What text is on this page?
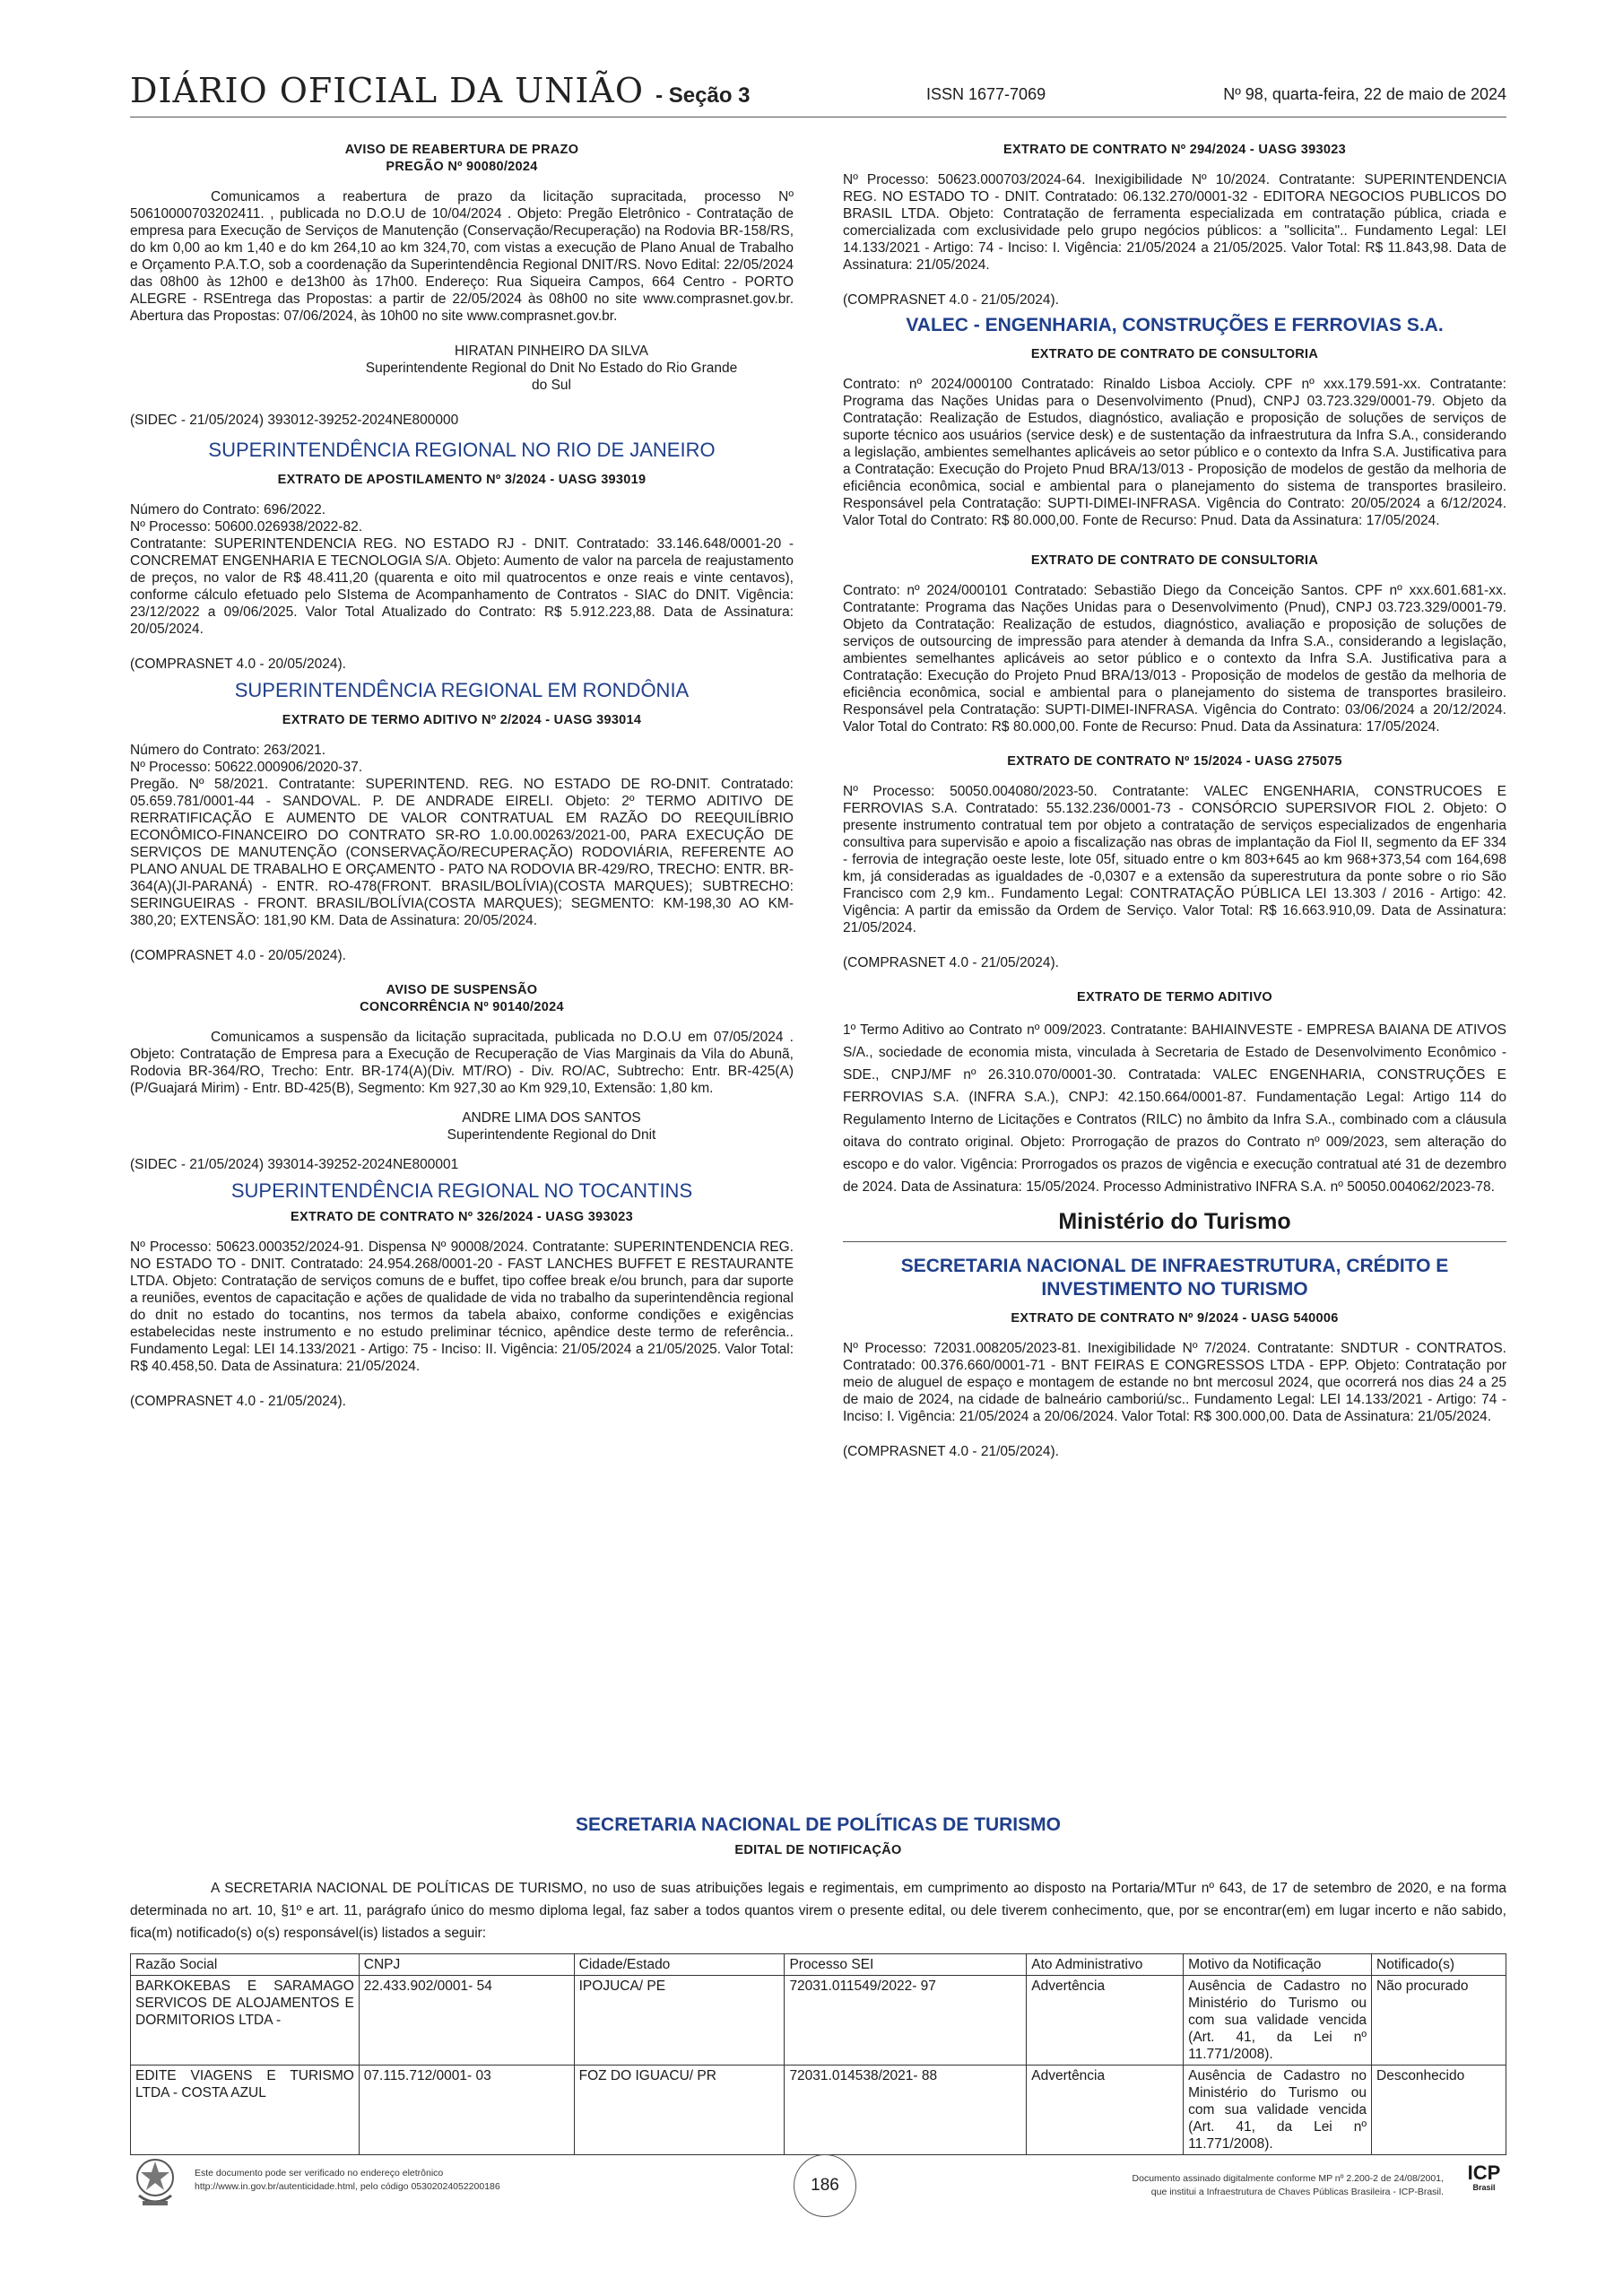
DIÁRIO OFICIAL DA UNIÃO - Seção 3	ISSN 1677-7069	Nº 98, quarta-feira, 22 de maio de 2024

AVISO DE REABERTURA DE PRAZO

PREGÃO Nº 90080/2024

Comunicamos a reabertura de prazo da licitação supracitada, processo Nº 50610000703202411. , publicada no D.O.U de 10/04/2024 . Objeto: Pregão Eletrônico - Contratação de empresa para Execução de Serviços de Manutenção (Conservação/Recuperação) na Rodovia BR-158/RS, do km 0,00 ao km 1,40 e do km 264,10 ao km 324,70, com vistas a execução de Plano Anual de Trabalho e Orçamento P.A.T.O, sob a coordenação da Superintendência Regional DNIT/RS. Novo Edital: 22/05/2024 das 08h00 às 12h00 e de13h00 às 17h00. Endereço: Rua Siqueira Campos, 664 Centro - PORTO ALEGRE - RSEntrega das Propostas: a partir de 22/05/2024 às 08h00 no site www.comprasnet.gov.br. Abertura das Propostas: 07/06/2024, às 10h00 no site www.comprasnet.gov.br.

HIRATAN PINHEIRO DA SILVA

Superintendente Regional do Dnit No Estado do Rio Grande do Sul

(SIDEC - 21/05/2024) 393012-39252-2024NE800000

SUPERINTENDÊNCIA REGIONAL NO RIO DE JANEIRO

EXTRATO DE APOSTILAMENTO Nº 3/2024 - UASG 393019

Número do Contrato: 696/2022.

Nº Processo: 50600.026938/2022-82.

Contratante: SUPERINTENDENCIA REG. NO ESTADO RJ - DNIT. Contratado: 33.146.648/0001-20 - CONCREMAT ENGENHARIA E TECNOLOGIA S/A. Objeto: Aumento de valor na parcela de reajustamento de preços, no valor de R$ 48.411,20 (quarenta e oito mil quatrocentos e onze reais e vinte centavos), conforme cálculo efetuado pelo SIstema de Acompanhamento de Contratos - SIAC do DNIT. Vigência: 23/12/2022 a 09/06/2025. Valor Total Atualizado do Contrato: R$ 5.912.223,88. Data de Assinatura: 20/05/2024.

(COMPRASNET 4.0 - 20/05/2024).

SUPERINTENDÊNCIA REGIONAL EM RONDÔNIA

EXTRATO DE TERMO ADITIVO Nº 2/2024 - UASG 393014

Número do Contrato: 263/2021.

Nº Processo: 50622.000906/2020-37.

Pregão. Nº 58/2021. Contratante: SUPERINTEND. REG. NO ESTADO DE RO-DNIT. Contratado: 05.659.781/0001-44 - SANDOVAL. P. DE ANDRADE EIRELI. Objeto: 2º TERMO ADITIVO DE RERRATIFICAÇÃO E AUMENTO DE VALOR CONTRATUAL EM RAZÃO DO REEQUILÍBRIO ECONÔMICO-FINANCEIRO DO CONTRATO SR-RO 1.0.00.00263/2021-00, PARA EXECUÇÃO DE SERVIÇOS DE MANUTENÇÃO (CONSERVAÇÃO/RECUPERAÇÃO) RODOVIÁRIA, REFERENTE AO PLANO ANUAL DE TRABALHO E ORÇAMENTO - PATO NA RODOVIA BR-429/RO, TRECHO: ENTR. BR-364(A)(JI-PARANÁ) - ENTR. RO-478(FRONT. BRASIL/BOLÍVIA)(COSTA MARQUES); SUBTRECHO: SERINGUEIRAS - FRONT. BRASIL/BOLÍVIA(COSTA MARQUES); SEGMENTO: KM-198,30 AO KM-380,20; EXTENSÃO: 181,90 KM. Data de Assinatura: 20/05/2024.

(COMPRASNET 4.0 - 20/05/2024).

AVISO DE SUSPENSÃO

CONCORRÊNCIA Nº 90140/2024

Comunicamos a suspensão da licitação supracitada, publicada no D.O.U em 07/05/2024 . Objeto: Contratação de Empresa para a Execução de Recuperação de Vias Marginais da Vila do Abunã, Rodovia BR-364/RO, Trecho: Entr. BR-174(A)(Div. MT/RO) - Div. RO/AC, Subtrecho: Entr. BR-425(A)(P/Guajará Mirim) - Entr. BD-425(B), Segmento: Km 927,30 ao Km 929,10, Extensão: 1,80 km.

ANDRE LIMA DOS SANTOS

Superintendente Regional do Dnit

(SIDEC - 21/05/2024) 393014-39252-2024NE800001

SUPERINTENDÊNCIA REGIONAL NO TOCANTINS

EXTRATO DE CONTRATO Nº 326/2024 - UASG 393023

Nº Processo: 50623.000352/2024-91. Dispensa Nº 90008/2024. Contratante: SUPERINTENDENCIA REG. NO ESTADO TO - DNIT. Contratado: 24.954.268/0001-20 - FAST LANCHES BUFFET E RESTAURANTE LTDA. Objeto: Contratação de serviços comuns de e buffet, tipo coffee break e/ou brunch, para dar suporte a reuniões, eventos de capacitação e ações de qualidade de vida no trabalho da superintendência regional do dnit no estado do tocantins, nos termos da tabela abaixo, conforme condições e exigências estabelecidas neste instrumento e no estudo preliminar técnico, apêndice deste termo de referência.. Fundamento Legal: LEI 14.133/2021 - Artigo: 75 - Inciso: II. Vigência: 21/05/2024 a 21/05/2025. Valor Total: R$ 40.458,50. Data de Assinatura: 21/05/2024.

(COMPRASNET 4.0 - 21/05/2024).

EXTRATO DE CONTRATO Nº 294/2024 - UASG 393023

Nº Processo: 50623.000703/2024-64. Inexigibilidade Nº 10/2024. Contratante: SUPERINTENDENCIA REG. NO ESTADO TO - DNIT. Contratado: 06.132.270/0001-32 - EDITORA NEGOCIOS PUBLICOS DO BRASIL LTDA. Objeto: Contratação de ferramenta especializada em contratação pública, criada e comercializada com exclusividade pelo grupo negócios públicos: a "sollicita".. Fundamento Legal: LEI 14.133/2021 - Artigo: 74 - Inciso: I. Vigência: 21/05/2024 a 21/05/2025. Valor Total: R$ 11.843,98. Data de Assinatura: 21/05/2024.

(COMPRASNET 4.0 - 21/05/2024).

VALEC - ENGENHARIA, CONSTRUÇÕES E FERROVIAS S.A.

EXTRATO DE CONTRATO DE CONSULTORIA

Contrato: nº 2024/000100 Contratado: Rinaldo Lisboa Accioly. CPF nº xxx.179.591-xx. Contratante: Programa das Nações Unidas para o Desenvolvimento (Pnud), CNPJ 03.723.329/0001-79. Objeto da Contratação: Realização de Estudos, diagnóstico, avaliação e proposição de soluções de serviços de suporte técnico aos usuários (service desk) e de sustentação da infraestrutura da Infra S.A., considerando a legislação, ambientes semelhantes aplicáveis ao setor público e o contexto da Infra S.A. Justificativa para a Contratação: Execução do Projeto Pnud BRA/13/013 - Proposição de modelos de gestão da melhoria de eficiência econômica, social e ambiental para o planejamento do sistema de transportes brasileiro. Responsável pela Contratação: SUPTI-DIMEI-INFRASA. Vigência do Contrato: 20/05/2024 a 6/12/2024. Valor Total do Contrato: R$ 80.000,00. Fonte de Recurso: Pnud. Data da Assinatura: 17/05/2024.

EXTRATO DE CONTRATO DE CONSULTORIA

Contrato: nº 2024/000101 Contratado: Sebastião Diego da Conceição Santos. CPF nº xxx.601.681-xx. Contratante: Programa das Nações Unidas para o Desenvolvimento (Pnud), CNPJ 03.723.329/0001-79. Objeto da Contratação: Realização de estudos, diagnóstico, avaliação e proposição de soluções de serviços de outsourcing de impressão para atender à demanda da Infra S.A., considerando a legislação, ambientes semelhantes aplicáveis ao setor público e o contexto da Infra S.A. Justificativa para a Contratação: Execução do Projeto Pnud BRA/13/013 - Proposição de modelos de gestão da melhoria de eficiência econômica, social e ambiental para o planejamento do sistema de transportes brasileiro. Responsável pela Contratação: SUPTI-DIMEI-INFRASA. Vigência do Contrato: 03/06/2024 a 20/12/2024. Valor Total do Contrato: R$ 80.000,00. Fonte de Recurso: Pnud. Data da Assinatura: 17/05/2024.

EXTRATO DE CONTRATO Nº 15/2024 - UASG 275075

Nº Processo: 50050.004080/2023-50. Contratante: VALEC ENGENHARIA, CONSTRUCOES E FERROVIAS S.A. Contratado: 55.132.236/0001-73 - CONSÓRCIO SUPERSIVOR FIOL 2. Objeto: O presente instrumento contratual tem por objeto a contratação de serviços especializados de engenharia consultiva para supervisão e apoio a fiscalização nas obras de implantação da Fiol II, segmento da EF 334 - ferrovia de integração oeste leste, lote 05f, situado entre o km 803+645 ao km 968+373,54 com 164,698 km, já consideradas as igualdades de -0,0307 e a extensão da superestrutura da ponte sobre o rio São Francisco com 2,9 km.. Fundamento Legal: CONTRATAÇÃO PÚBLICA LEI 13.303 / 2016 - Artigo: 42. Vigência: A partir da emissão da Ordem de Serviço. Valor Total: R$ 16.663.910,09. Data de Assinatura: 21/05/2024.

(COMPRASNET 4.0 - 21/05/2024).

EXTRATO DE TERMO ADITIVO

1º Termo Aditivo ao Contrato nº 009/2023. Contratante: BAHIAINVESTE - EMPRESA BAIANA DE ATIVOS S/A., sociedade de economia mista, vinculada à Secretaria de Estado de Desenvolvimento Econômico - SDE., CNPJ/MF nº 26.310.070/0001-30. Contratada: VALEC ENGENHARIA, CONSTRUÇÕES E FERROVIAS S.A. (INFRA S.A.), CNPJ: 42.150.664/0001-87. Fundamentação Legal: Artigo 114 do Regulamento Interno de Licitações e Contratos (RILC) no âmbito da Infra S.A., combinado com a cláusula oitava do contrato original. Objeto: Prorrogação de prazos do Contrato nº 009/2023, sem alteração do escopo e do valor. Vigência: Prorrogados os prazos de vigência e execução contratual até 31 de dezembro de 2024. Data de Assinatura: 15/05/2024. Processo Administrativo INFRA S.A. nº 50050.004062/2023-78.

Ministério do Turismo

SECRETARIA NACIONAL DE INFRAESTRUTURA, CRÉDITO E INVESTIMENTO NO TURISMO

EXTRATO DE CONTRATO Nº 9/2024 - UASG 540006

Nº Processo: 72031.008205/2023-81. Inexigibilidade Nº 7/2024. Contratante: SNDTUR - CONTRATOS. Contratado: 00.376.660/0001-71 - BNT FEIRAS E CONGRESSOS LTDA - EPP. Objeto: Contratação por meio de aluguel de espaço e montagem de estande no bnt mercosul 2024, que ocorrerá nos dias 24 a 25 de maio de 2024, na cidade de balneário camboriú/sc.. Fundamento Legal: LEI 14.133/2021 - Artigo: 74 - Inciso: I. Vigência: 21/05/2024 a 20/06/2024. Valor Total: R$ 300.000,00. Data de Assinatura: 21/05/2024.

(COMPRASNET 4.0 - 21/05/2024).

SECRETARIA NACIONAL DE POLÍTICAS DE TURISMO

EDITAL DE NOTIFICAÇÃO

A SECRETARIA NACIONAL DE POLÍTICAS DE TURISMO, no uso de suas atribuições legais e regimentais, em cumprimento ao disposto na Portaria/MTur nº 643, de 17 de setembro de 2020, e na forma determinada no art. 10, §1º e art. 11, parágrafo único do mesmo diploma legal, faz saber a todos quantos virem o presente edital, ou dele tiverem conhecimento, que, por se encontrar(em) em lugar incerto e não sabido, fica(m) notificado(s) o(s) responsável(is) listados a seguir:

Razão Social	CNPJ	Cidade/Estado	Processo SEI	Ato Administrativo	Motivo da Notificação	Notificado(s)
BARKOKEBAS E SARAMAGO SERVICOS DE ALOJAMENTOS E DORMITORIOS LTDA -	22.433.902/0001- 54	IPOJUCA/ PE	72031.011549/2022- 97	Advertência	Ausência de Cadastro no Ministério do Turismo ou com sua validade vencida (Art. 41, da Lei nº 11.771/2008).	Não procurado
EDITE VIAGENS E TURISMO LTDA - COSTA AZUL	07.115.712/0001- 03	FOZ DO IGUACU/ PR	72031.014538/2021- 88	Advertência	Ausência de Cadastro no Ministério do Turismo ou com sua validade vencida (Art. 41, da Lei nº 11.771/2008).	Desconhecido
Este documento pode ser verificado no endereço eletrônico
http://www.in.gov.br/autenticidade.html, pelo código 05302024052200186	186	Documento assinado digitalmente conforme MP nº 2.200-2 de 24/08/2001,
que institui a Infraestrutura de Chaves Públicas Brasileira - ICP-Brasil.
ICP
Brasil
